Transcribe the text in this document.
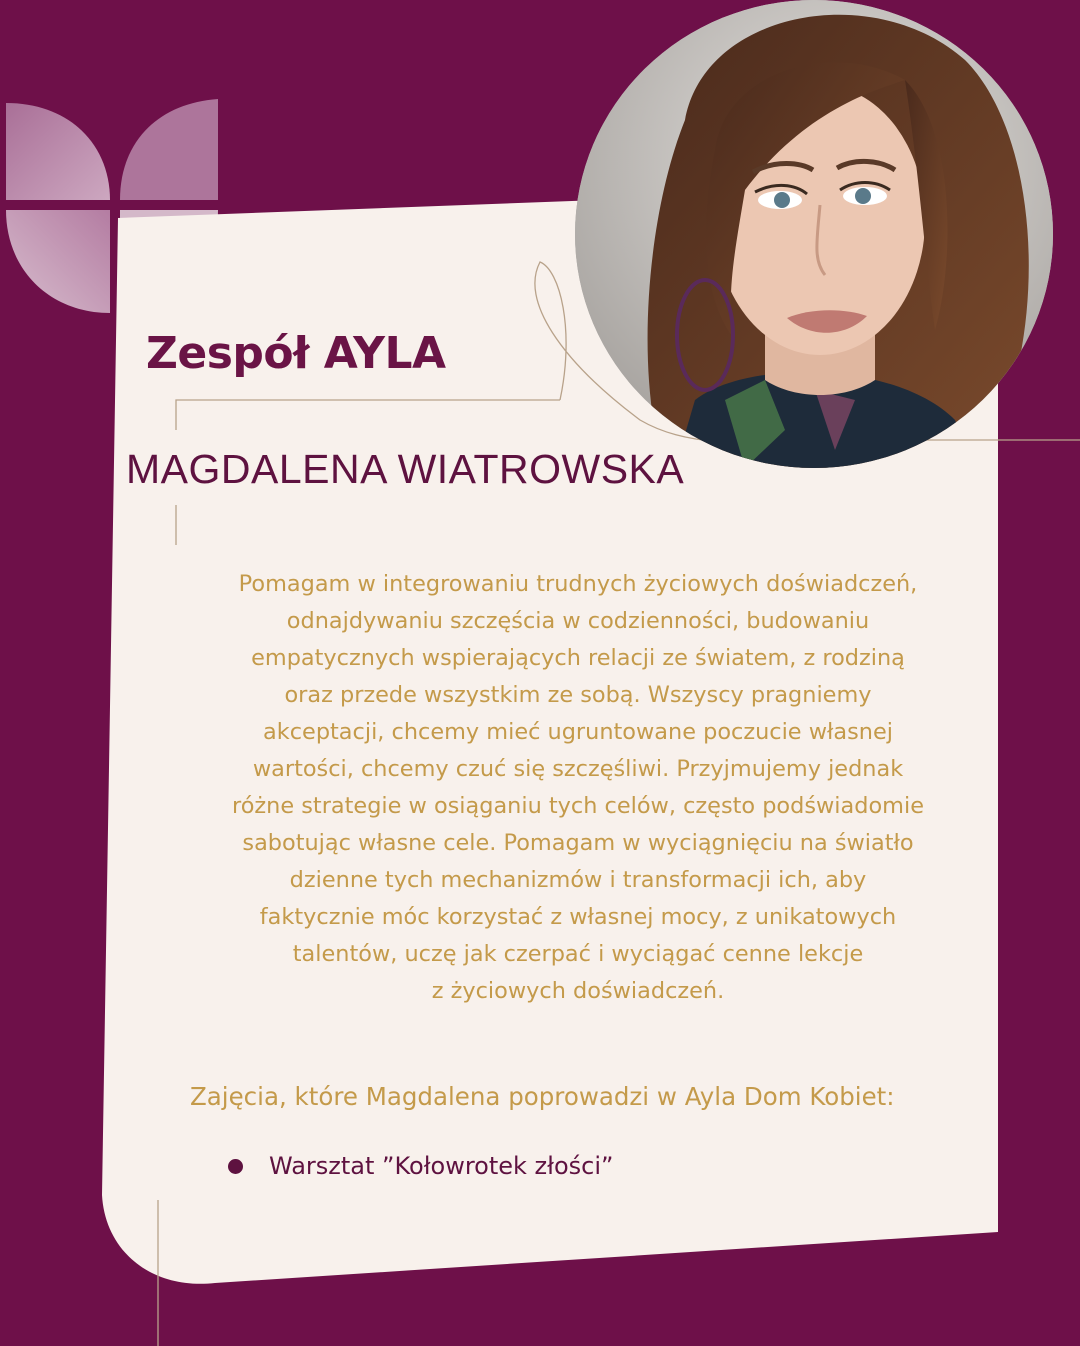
Zespół AYLA
MAGDALENA WIATROWSKA
Pomagam w integrowaniu trudnych życiowych doświadczeń,
odnajdywaniu szczęścia w codzienności, budowaniu
empatycznych wspierających relacji ze światem, z rodziną
oraz przede wszystkim ze sobą. Wszyscy pragniemy
akceptacji, chcemy mieć ugruntowane poczucie własnej
wartości, chcemy czuć się szczęśliwi. Przyjmujemy jednak
różne strategie w osiąganiu tych celów, często podświadomie
sabotując własne cele. Pomagam w wyciągnięciu na światło
dzienne tych mechanizmów i transformacji ich, aby
faktycznie móc korzystać z własnej mocy, z unikatowych
talentów, uczę jak czerpać i wyciągać cenne lekcje
z życiowych doświadczeń.
Zajęcia, które Magdalena poprowadzi w Ayla Dom Kobiet:
Warsztat ”Kołowrotek złości”
